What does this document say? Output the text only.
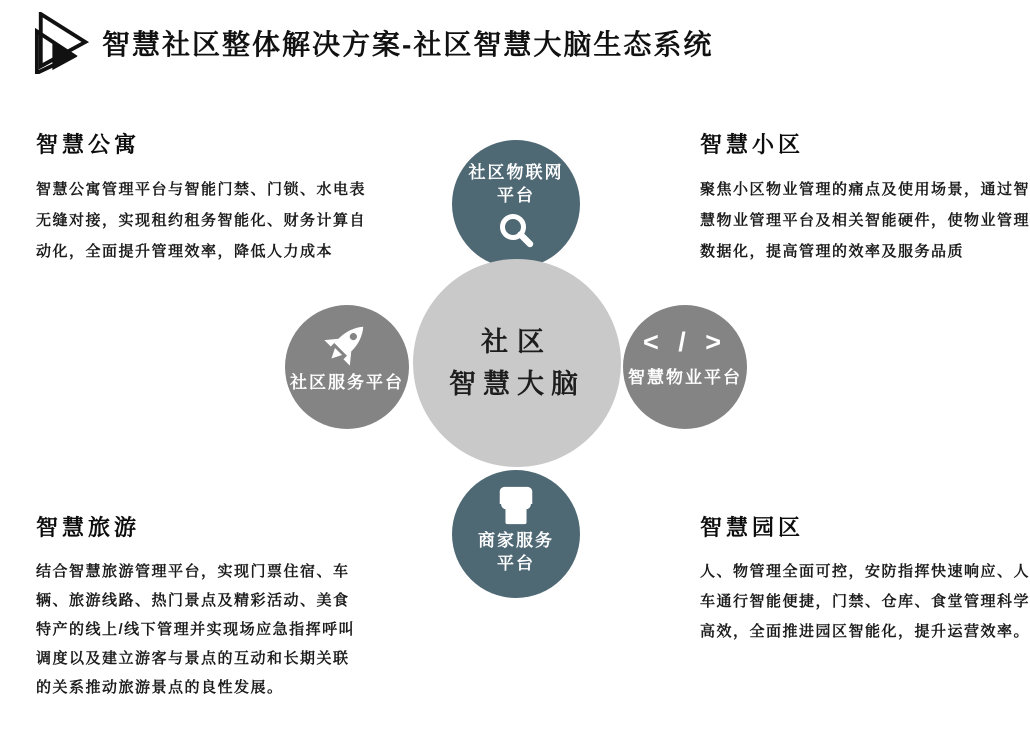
智慧社区整体解决方案-社区智慧大脑生态系统
智慧公寓

智慧公寓管理平台与智能门禁、门锁、水电表无缝对接，实现租约租务智能化、财务计算自动化，全面提升管理效率，降低人力成本

智慧小区

聚焦小区物业管理的痛点及使用场景，通过智慧物业管理平台及相关智能硬件，使物业管理数据化，提高管理的效率及服务品质

智慧旅游

结合智慧旅游管理平台，实现门票住宿、车辆、旅游线路、热门景点及精彩活动、美食特产的线上/线下管理并实现场应急指挥呼叫调度以及建立游客与景点的互动和长期关联的关系推动旅游景点的良性发展。

智慧园区

人、物管理全面可控，安防指挥快速响应、人车通行智能便捷，门禁、仓库、食堂管理科学高效，全面推进园区智能化，提升运营效率。

社区物联网
平台
社区服务平台
< / >
智慧物业平台
商家服务
平台
社区
智慧大脑
